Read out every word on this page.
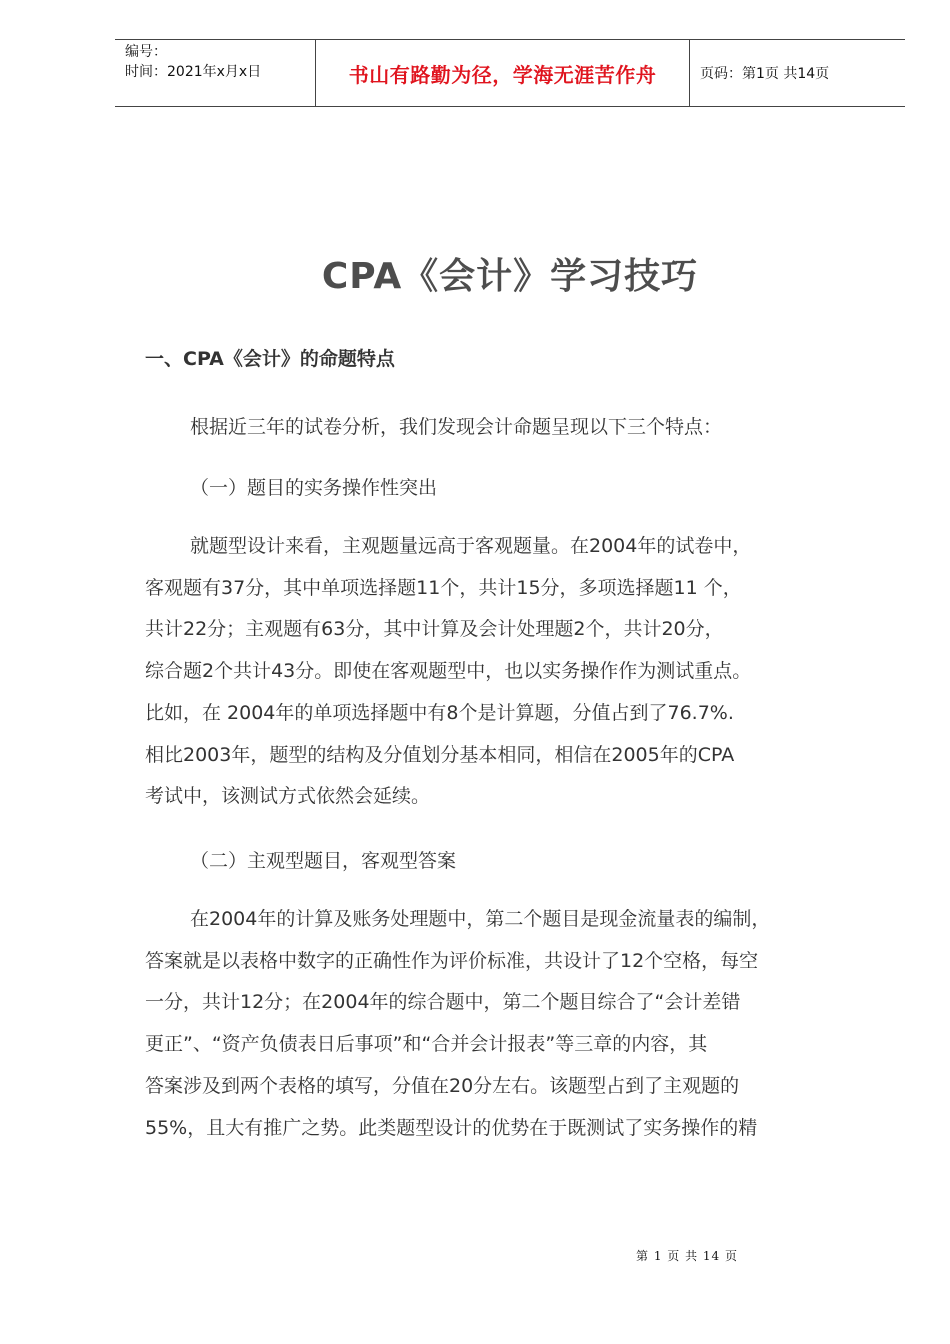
编号：
时间：2021年x月x日	书山有路勤为径，学海无涯苦作舟	页码：第1页 共14页
CPA《会计》学习技巧
一、CPA《会计》的命题特点
根据近三年的试卷分析，我们发现会计命题呈现以下三个特点：
（一）题目的实务操作性突出
就题型设计来看，主观题量远高于客观题量。在2004年的试卷中，
客观题有37分，其中单项选择题11个，共计15分，多项选择题11 个，
共计22分；主观题有63分，其中计算及会计处理题2个，共计20分，
综合题2个共计43分。即使在客观题型中，也以实务操作作为测试重点。
比如，在 2004年的单项选择题中有8个是计算题，分值占到了76.7%.
相比2003年，题型的结构及分值划分基本相同，相信在2005年的CPA
考试中，该测试方式依然会延续。
（二）主观型题目，客观型答案
在2004年的计算及账务处理题中，第二个题目是现金流量表的编制，
答案就是以表格中数字的正确性作为评价标准，共设计了12个空格，每空
一分，共计12分；在2004年的综合题中，第二个题目综合了“会计差错
更正”、“资产负债表日后事项”和“合并会计报表”等三章的内容，其
答案涉及到两个表格的填写，分值在20分左右。该题型占到了主观题的
55%，且大有推广之势。此类题型设计的优势在于既测试了实务操作的精
第 1 页 共 14 页
